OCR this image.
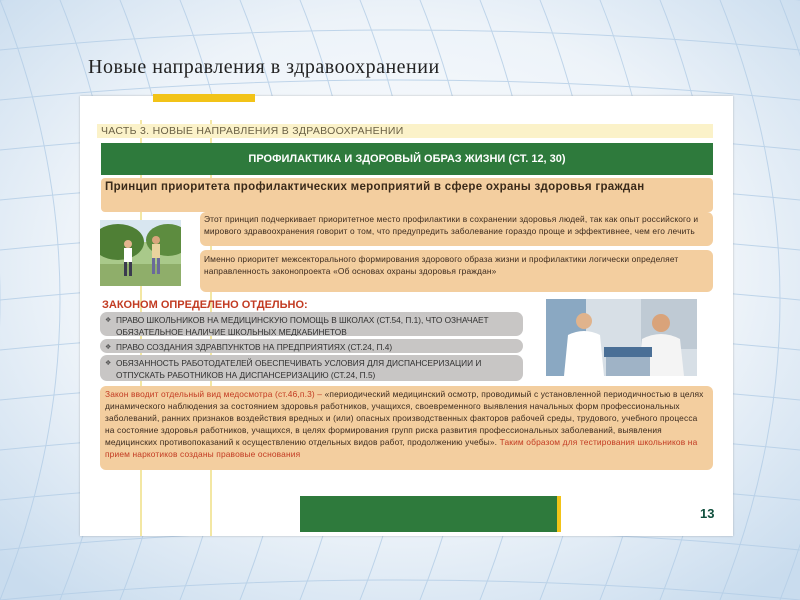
Новые направления в здравоохранении
ЧАСТЬ 3. НОВЫЕ НАПРАВЛЕНИЯ В ЗДРАВООХРАНЕНИИ
ПРОФИЛАКТИКА И ЗДОРОВЫЙ ОБРАЗ ЖИЗНИ (СТ. 12, 30)
Принцип приоритета профилактических мероприятий в сфере охраны здоровья граждан
Этот принцип подчеркивает приоритетное место профилактики в сохранении здоровья людей, так как опыт российского и мирового здравоохранения говорит о том, что предупредить заболевание гораздо проще и эффективнее, чем его лечить
Именно приоритет межсекторального формирования здорового образа жизни и профилактики логически определяет направленность законопроекта «Об основах охраны здоровья граждан»
ЗАКОНОМ ОПРЕДЕЛЕНО ОТДЕЛЬНО:
❖ ПРАВО ШКОЛЬНИКОВ НА МЕДИЦИНСКУЮ ПОМОЩЬ В ШКОЛАХ (СТ.54, П.1), ЧТО ОЗНАЧАЕТ ОБЯЗАТЕЛЬНОЕ НАЛИЧИЕ ШКОЛЬНЫХ МЕДКАБИНЕТОВ
❖ ПРАВО СОЗДАНИЯ ЗДРАВПУНКТОВ НА ПРЕДПРИЯТИЯХ (СТ.24, П.4)
❖ ОБЯЗАННОСТЬ РАБОТОДАТЕЛЕЙ ОБЕСПЕЧИВАТЬ УСЛОВИЯ ДЛЯ ДИСПАНСЕРИЗАЦИИ И ОТПУСКАТЬ РАБОТНИКОВ НА ДИСПАНСЕРИЗАЦИЮ (СТ.24, П.5)
Закон вводит отдельный вид медосмотра (ст.46,п.3) – «периодический медицинский осмотр, проводимый с установленной периодичностью в целях динамического наблюдения за состоянием здоровья работников, учащихся, своевременного выявления начальных форм профессиональных заболеваний, ранних признаков воздействия вредных и (или) опасных производственных факторов рабочей среды, трудового, учебного процесса на состояние здоровья работников, учащихся, в целях формирования групп риска развития профессиональных заболеваний, выявления медицинских противопоказаний к осуществлению отдельных видов работ, продолжению учебы». Таким образом для тестирования школьников на прием наркотиков созданы правовые основания
13
